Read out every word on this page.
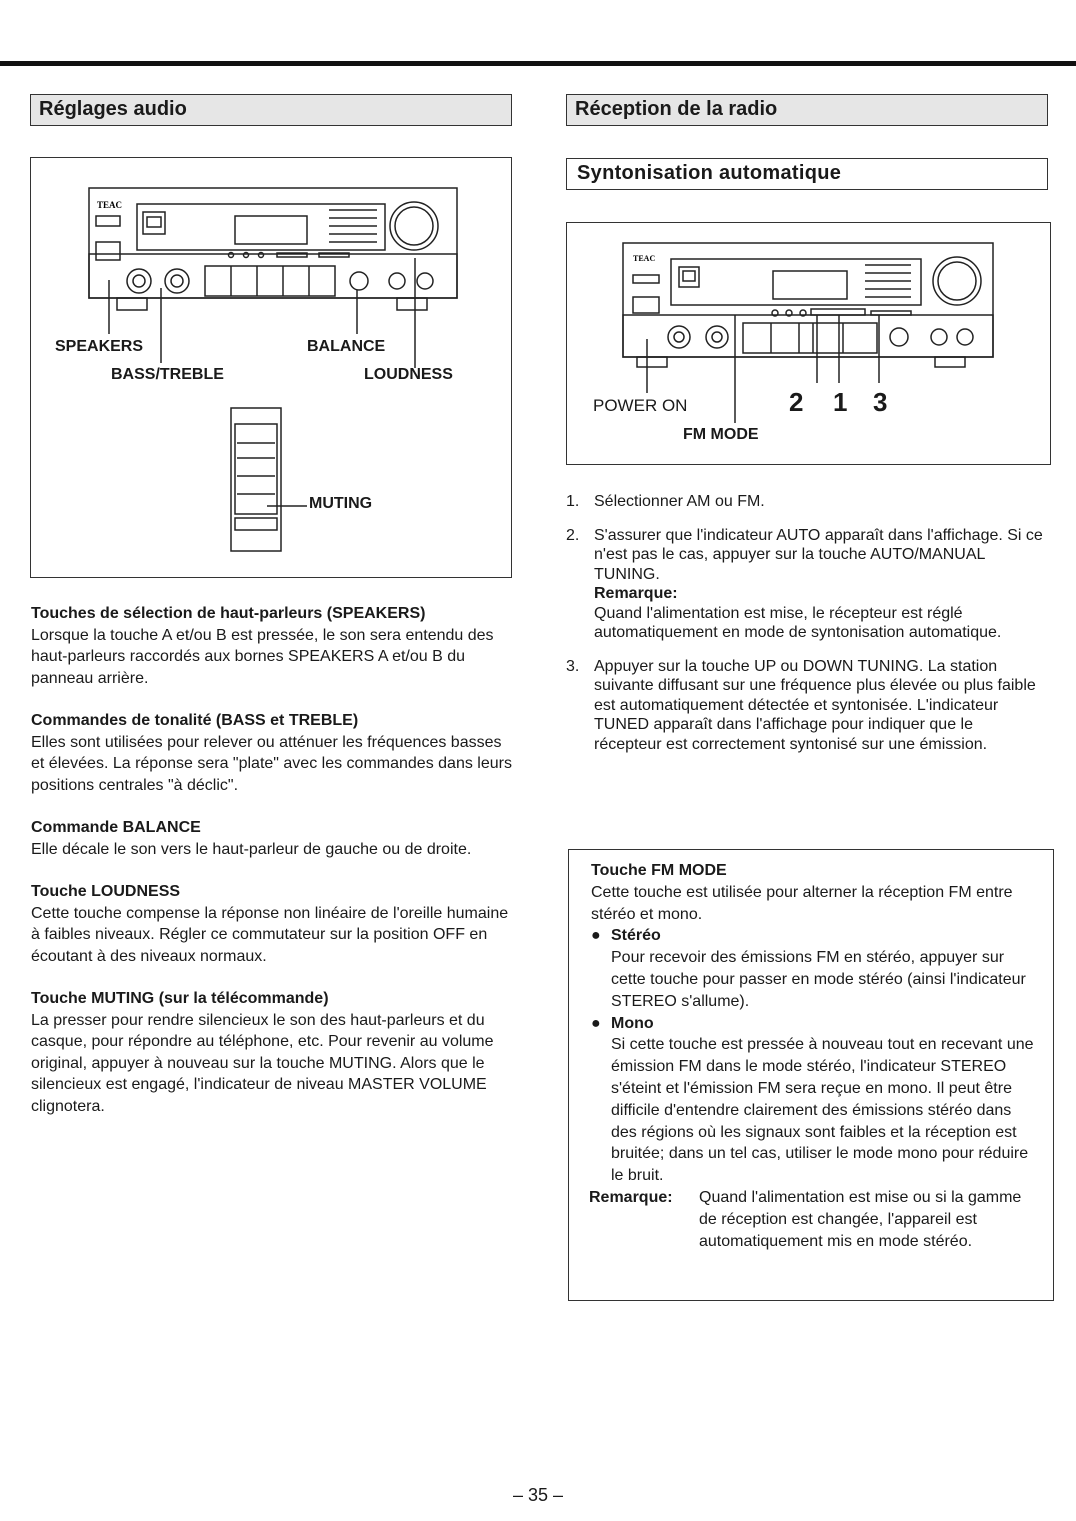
Réglages audio	Réception de la radio
Syntonisation automatique
TEAC
SPEAKERS
BASS/TREBLE
BALANCE
LOUDNESS
MUTING
TEAC
POWER ON
FM MODE
2 1 3

Touches de sélection de haut-parleurs (SPEAKERS)
Lorsque la touche A et/ou B est pressée, le son sera entendu des haut-parleurs raccordés aux bornes SPEAKERS A et/ou B du panneau arrière.

Commandes de tonalité (BASS et TREBLE)
Elles sont utilisées pour relever ou atténuer les fréquences basses et élevées. La réponse sera "plate" avec les commandes dans leurs positions centrales "à déclic".

Commande BALANCE
Elle décale le son vers le haut-parleur de gauche ou de droite.

Touche LOUDNESS
Cette touche compense la réponse non linéaire de l'oreille humaine à faibles niveaux. Régler ce commutateur sur la position OFF en écoutant à des niveaux normaux.

Touche MUTING (sur la télécommande)
La presser pour rendre silencieux le son des haut-parleurs et du casque, pour répondre au téléphone, etc. Pour revenir au volume original, appuyer à nouveau sur la touche MUTING. Alors que le silencieux est engagé, l'indicateur de niveau MASTER VOLUME clignotera.

1. Sélectionner AM ou FM.
2. S'assurer que l'indicateur AUTO apparaît dans l'affichage. Si ce n'est pas le cas, appuyer sur la touche AUTO/MANUAL TUNING.
Remarque:
Quand l'alimentation est mise, le récepteur est réglé automatiquement en mode de syntonisation automatique.
3. Appuyer sur la touche UP ou DOWN TUNING. La station suivante diffusant sur une fréquence plus élevée ou plus faible est automatiquement détectée et syntonisée. L'indicateur TUNED apparaît dans l'affichage pour indiquer que le récepteur est correctement syntonisé sur une émission.
Touche FM MODE
Cette touche est utilisée pour alterner la réception FM entre stéréo et mono.
● Stéréo
Pour recevoir des émissions FM en stéréo, appuyer sur cette touche pour passer en mode stéréo (ainsi l'indicateur STEREO s'allume).
● Mono
Si cette touche est pressée à nouveau tout en recevant une émission FM dans le mode stéréo, l'indicateur STEREO s'éteint et l'émission FM sera reçue en mono. Il peut être difficile d'entendre clairement des émissions stéréo dans des régions où les signaux sont faibles et la réception est bruitée; dans un tel cas, utiliser le mode mono pour réduire le bruit.
Remarque: Quand l'alimentation est mise ou si la gamme de réception est changée, l'appareil est automatiquement mis en mode stéréo.
– 35 –
